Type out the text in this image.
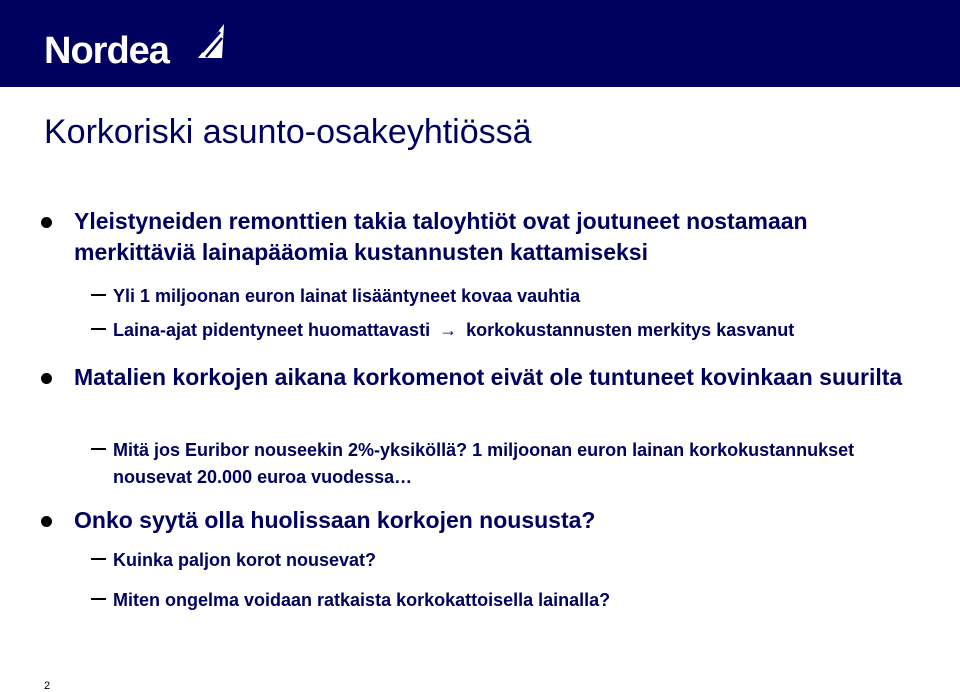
Nordea
Korkoriski asunto-osakeyhtiössä
Yleistyneiden remonttien takia taloyhtiöt ovat joutuneet nostamaan merkittäviä lainapääomia kustannusten kattamiseksi
Yli 1 miljoonan euron lainat lisääntyneet kovaa vauhtia
Laina-ajat pidentyneet huomattavasti → korkokustannusten merkitys kasvanut
Matalien korkojen aikana korkomenot eivät ole tuntuneet kovinkaan suurilta
Mitä jos Euribor nouseekin 2%-yksiköllä? 1 miljoonan euron lainan korkokustannukset nousevat 20.000 euroa vuodessa…
Onko syytä olla huolissaan korkojen noususta?
Kuinka paljon korot nousevat?
Miten ongelma voidaan ratkaista korkokattoisella lainalla?
2
